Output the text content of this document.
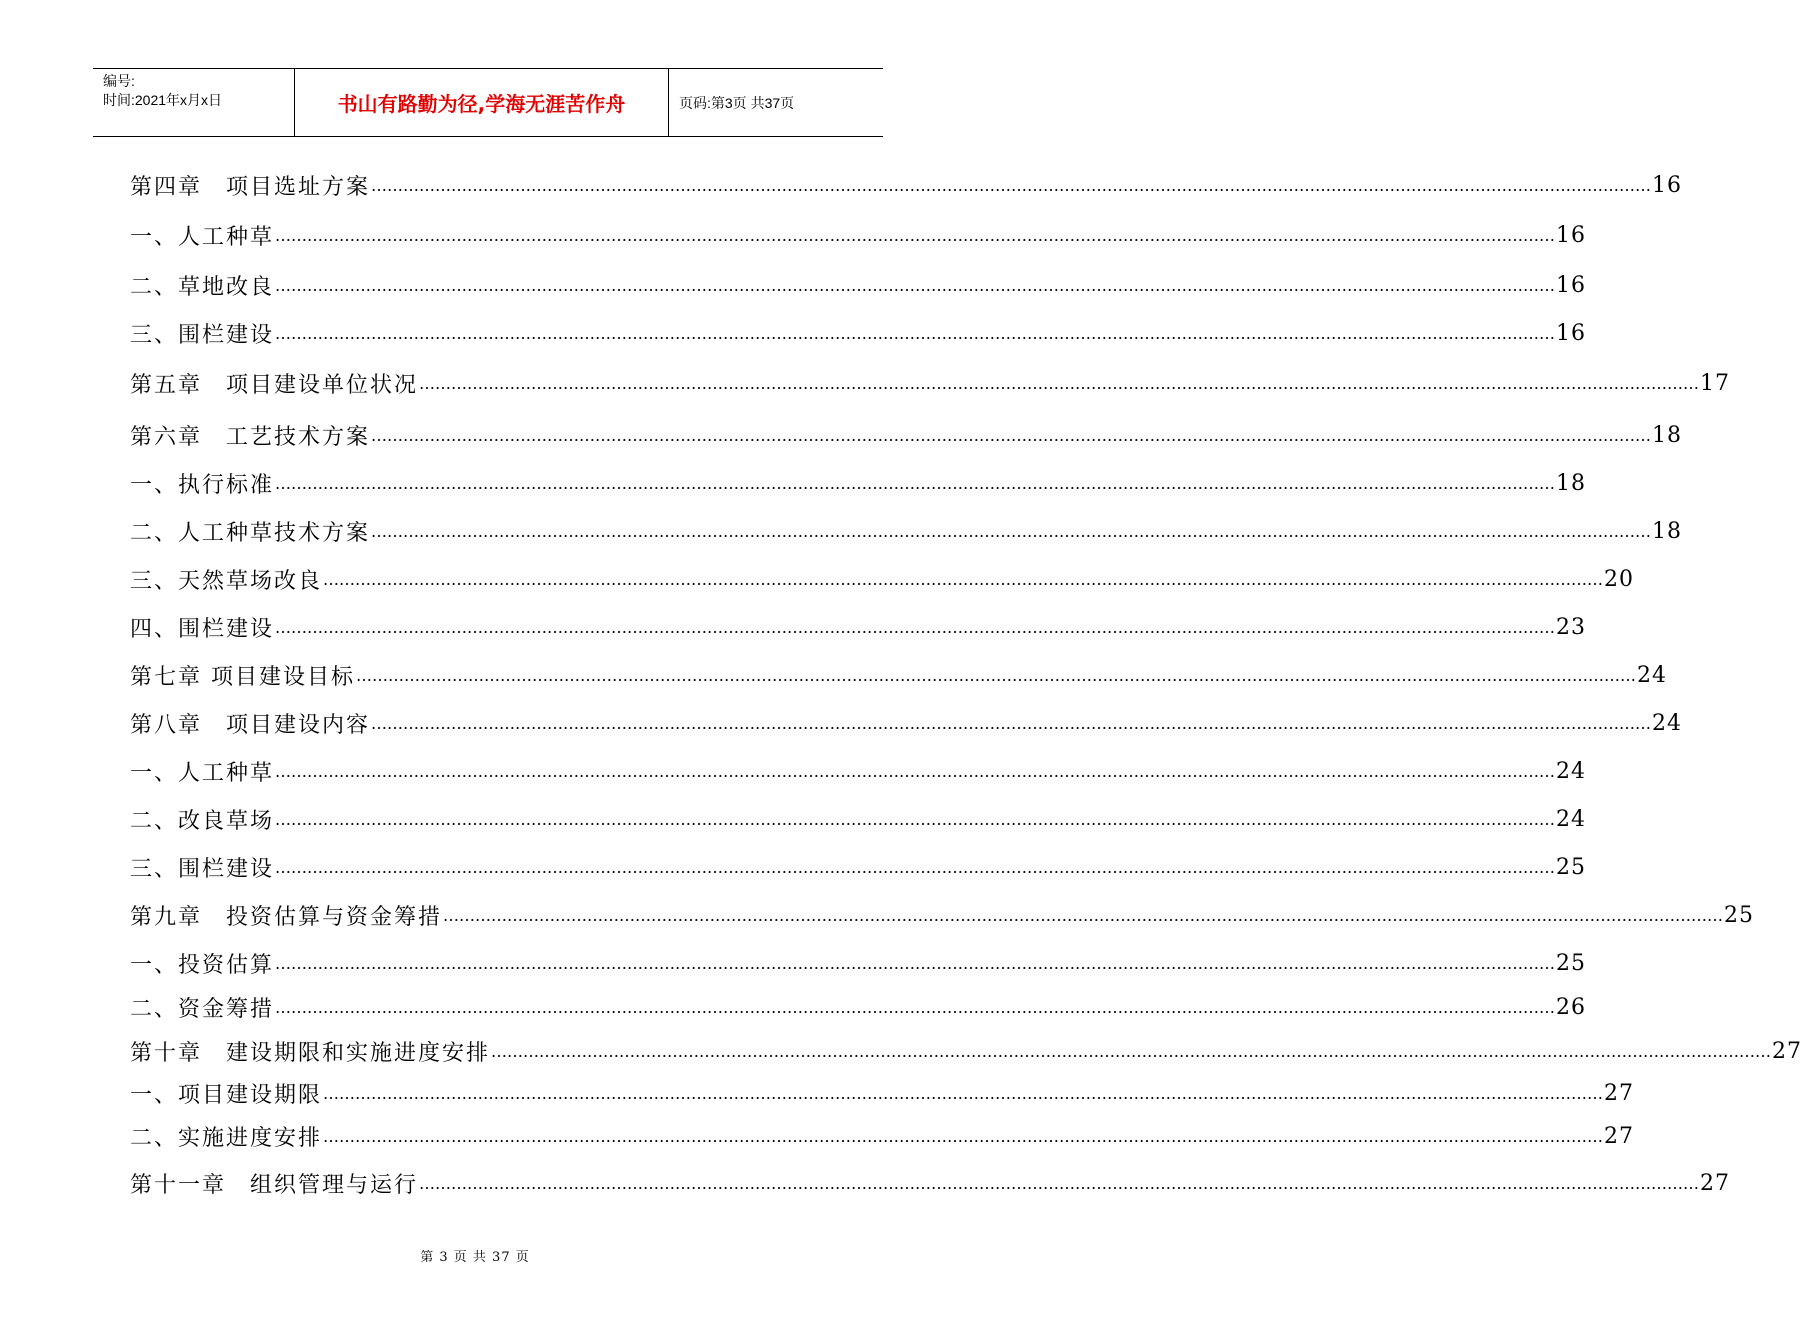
编号:
时间:2021年x月x日	书山有路勤为径,学海无涯苦作舟	页码:第3页 共37页
第四章　项目选址方案 …………………………………………………………………………………………………………………………………………………………………………………………………………………… 16
一、人工种草 …………………………………………………………………………………………………………………………………………………………………………………………………………………… 16
二、草地改良 …………………………………………………………………………………………………………………………………………………………………………………………………………………… 16
三、围栏建设 …………………………………………………………………………………………………………………………………………………………………………………………………………………… 16
第五章　项目建设单位状况 …………………………………………………………………………………………………………………………………………………………………………………………………………………… 17
第六章　工艺技术方案 …………………………………………………………………………………………………………………………………………………………………………………………………………………… 18
一、执行标准 …………………………………………………………………………………………………………………………………………………………………………………………………………………… 18
二、人工种草技术方案 …………………………………………………………………………………………………………………………………………………………………………………………………………………… 18
三、天然草场改良 …………………………………………………………………………………………………………………………………………………………………………………………………………………… 20
四、围栏建设 …………………………………………………………………………………………………………………………………………………………………………………………………………………… 23
第七章 项目建设目标 …………………………………………………………………………………………………………………………………………………………………………………………………………………… 24
第八章　项目建设内容 …………………………………………………………………………………………………………………………………………………………………………………………………………………… 24
一、人工种草 …………………………………………………………………………………………………………………………………………………………………………………………………………………… 24
二、改良草场 …………………………………………………………………………………………………………………………………………………………………………………………………………………… 24
三、围栏建设 …………………………………………………………………………………………………………………………………………………………………………………………………………………… 25
第九章　投资估算与资金筹措 …………………………………………………………………………………………………………………………………………………………………………………………………………………… 25
一、投资估算 …………………………………………………………………………………………………………………………………………………………………………………………………………………… 25
二、资金筹措 …………………………………………………………………………………………………………………………………………………………………………………………………………………… 26
第十章　建设期限和实施进度安排 …………………………………………………………………………………………………………………………………………………………………………………………………………………… 27
一、项目建设期限 …………………………………………………………………………………………………………………………………………………………………………………………………………………… 27
二、实施进度安排 …………………………………………………………………………………………………………………………………………………………………………………………………………………… 27
第十一章　组织管理与运行 …………………………………………………………………………………………………………………………………………………………………………………………………………………… 27
第 3 页 共 37 页
